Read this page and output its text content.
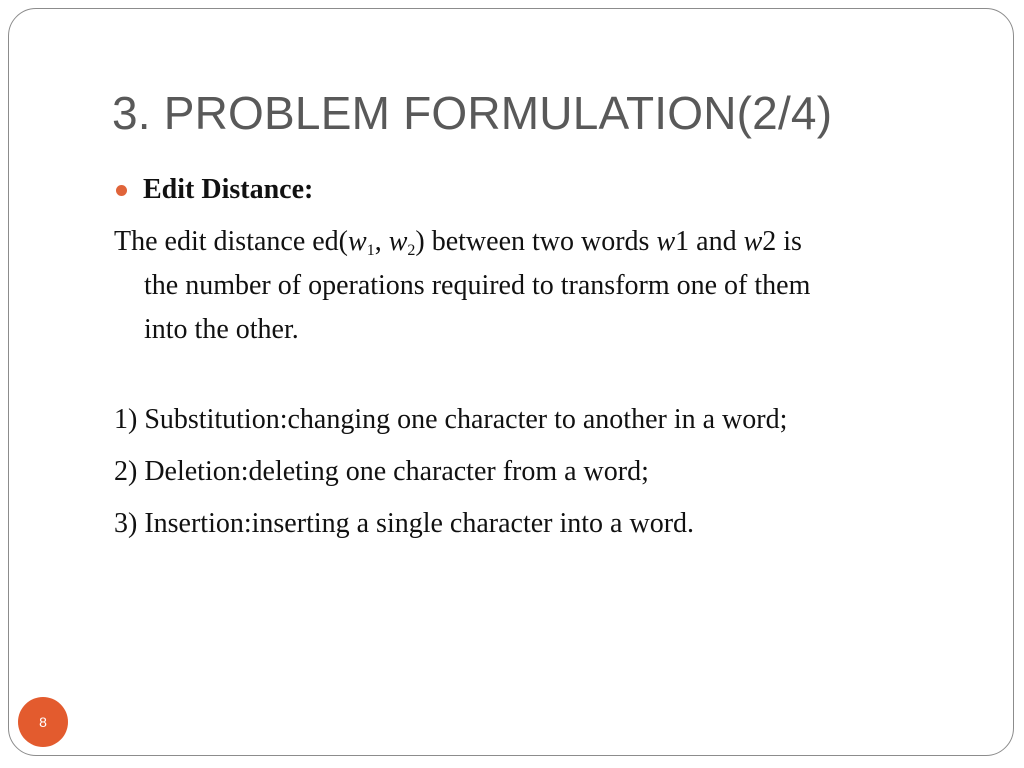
3. PROBLEM FORMULATION(2/4)
Edit Distance:
The edit distance $ed(w_1$, $w_2$) between two words w1 and w2 is
the number of operations required to transform one of them
into the other.
1) Substitution:changing one character to another in a word;
2) Deletion:deleting one character from a word;
3) Insertion:inserting a single character into a word.
8
